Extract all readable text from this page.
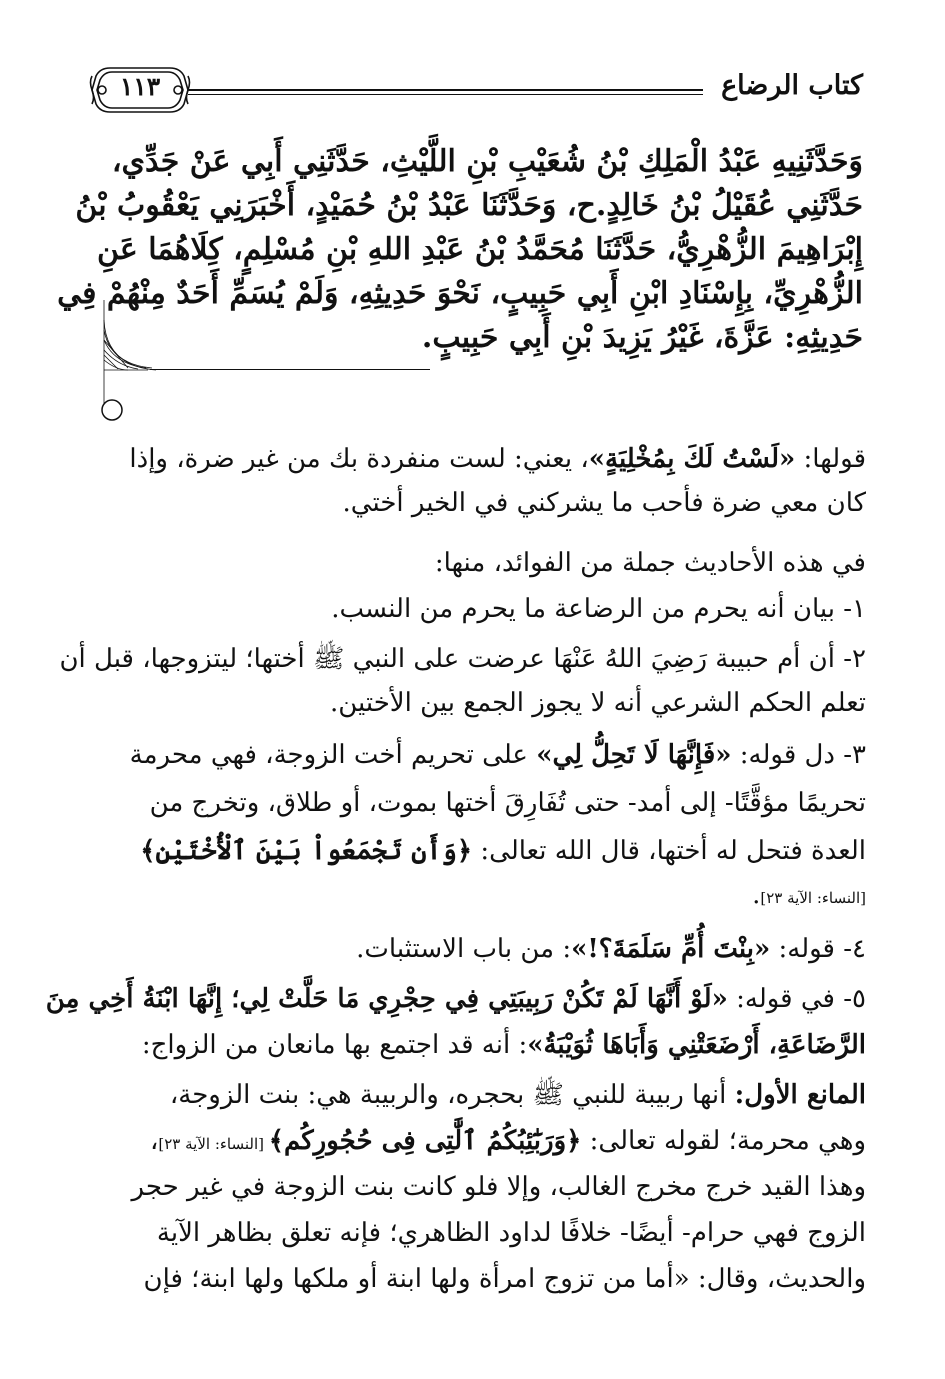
كتاب الرضاع
١١٣
وَحَدَّثَنِيهِ عَبْدُ الْمَلِكِ بْنُ شُعَيْبِ بْنِ اللَّيْثِ، حَدَّثَنِي أَبِي عَنْ جَدِّي،
حَدَّثَنِي عُقَيْلُ بْنُ خَالِدٍ.ح، وَحَدَّثَنَا عَبْدُ بْنُ حُمَيْدٍ، أَخْبَرَنِي يَعْقُوبُ بْنُ
إِبْرَاهِيمَ الزُّهْرِيُّ، حَدَّثَنَا مُحَمَّدُ بْنُ عَبْدِ اللهِ بْنِ مُسْلِمٍ، كِلَاهُمَا عَنِ
الزُّهْرِيِّ، بِإِسْنَادِ ابْنِ أَبِي حَبِيبٍ، نَحْوَ حَدِيثِهِ، وَلَمْ يُسَمِّ أَحَدٌ مِنْهُمْ فِي
حَدِيثِهِ: عَزَّةَ، غَيْرُ يَزِيدَ بْنِ أَبِي حَبِيبٍ.
قولها: «لَسْتُ لَكَ بِمُخْلِيَةٍ»، يعني: لست منفردة بك من غير ضرة، وإذا
كان معي ضرة فأحب ما يشركني في الخير أختي.
في هذه الأحاديث جملة من الفوائد، منها:
١- بيان أنه يحرم من الرضاعة ما يحرم من النسب.
٢- أن أم حبيبة رَضِيَ اللهُ عَنْهَا عرضت على النبي ﷺ أختها؛ ليتزوجها، قبل أن
تعلم الحكم الشرعي أنه لا يجوز الجمع بين الأختين.
٣- دل قوله: «فَإِنَّهَا لَا تَحِلُّ لِي» على تحريم أخت الزوجة، فهي محرمة
تحريمًا مؤقَّتًا- إلى أمد- حتى تُفَارِقَ أختها بموت، أو طلاق، وتخرج من
العدة فتحل له أختها، قال الله تعالى: ﴿وَأَن تَجْمَعُواْ بَيْنَ ٱلْأُخْتَيْنِ﴾
[النساء: الآية ٢٣].
٤- قوله: «بِنْتَ أُمِّ سَلَمَةَ؟!»: من باب الاستثبات.
٥- في قوله: «لَوْ أَنَّهَا لَمْ تَكُنْ رَبِيبَتِي فِي حِجْرِي مَا حَلَّتْ لِي؛ إِنَّهَا ابْنَةُ أَخِي مِنَ
الرَّضَاعَةِ، أَرْضَعَتْنِي وَأَبَاهَا ثُوَيْبَةُ»: أنه قد اجتمع بها مانعان من الزواج:
المانع الأول: أنها ربيبة للنبي ﷺ بحجره، والربيبة هي: بنت الزوجة،
وهي محرمة؛ لقوله تعالى: ﴿وَرَبَٰٓئِبُكُمُ ٱلَّٰتِى فِى حُجُورِكُم﴾ [النساء: الآية ٢٣]،
وهذا القيد خرج مخرج الغالب، وإلا فلو كانت بنت الزوجة في غير حجر
الزوج فهي حرام- أيضًا- خلافًا لداود الظاهري؛ فإنه تعلق بظاهر الآية
والحديث، وقال: «أما من تزوج امرأة ولها ابنة أو ملكها ولها ابنة؛ فإن
